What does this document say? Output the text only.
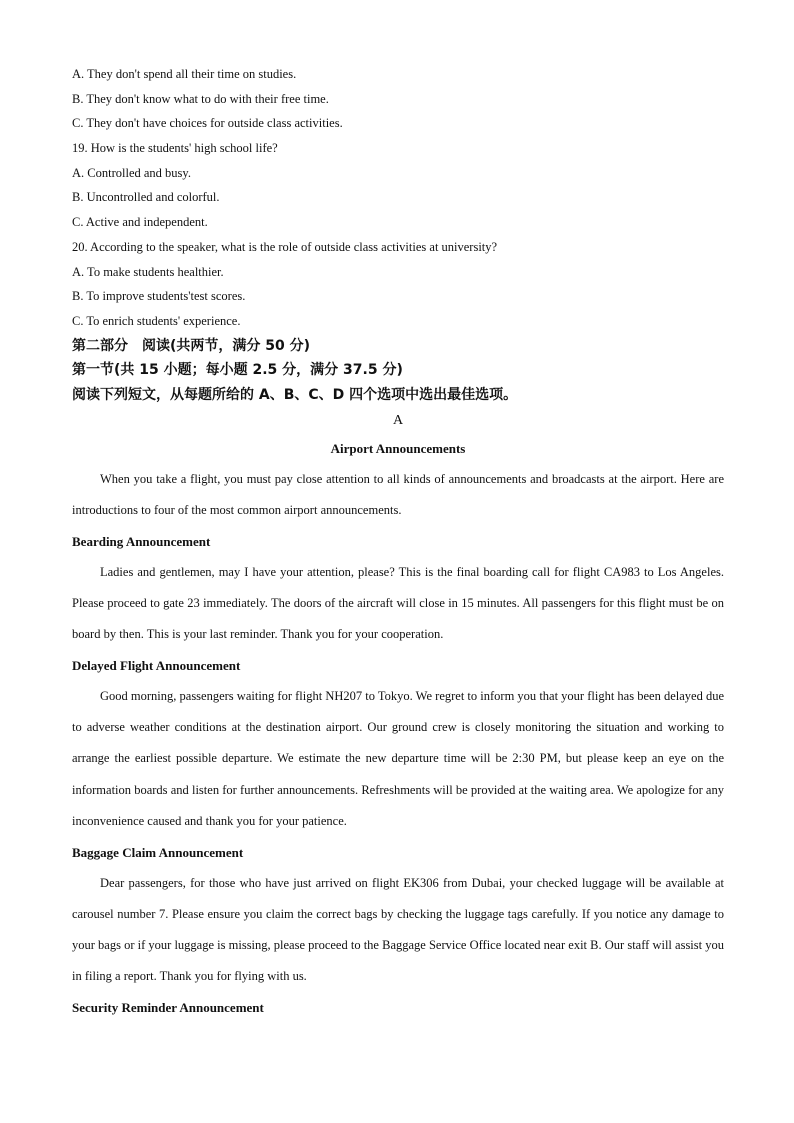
A. They don't spend all their time on studies.
B. They don't know what to do with their free time.
C. They don't have choices for outside class activities.
19. How is the students' high school life?
A. Controlled and busy.
B. Uncontrolled and colorful.
C. Active and independent.
20. According to the speaker, what is the role of outside class activities at university?
A. To make students healthier.
B. To improve students'test scores.
C. To enrich students' experience.
第二部分　阅读(共两节，满分 50 分)
第一节(共 15 小题；每小题 2.5 分，满分 37.5 分)
阅读下列短文，从每题所给的 A、B、C、D 四个选项中选出最佳选项。
A
Airport Announcements

When you take a flight, you must pay close attention to all kinds of announcements and broadcasts at the airport. Here are introductions to four of the most common airport announcements.

Bearding Announcement

Ladies and gentlemen, may I have your attention, please? This is the final boarding call for flight CA983 to Los Angeles. Please proceed to gate 23 immediately. The doors of the aircraft will close in 15 minutes. All passengers for this flight must be on board by then. This is your last reminder. Thank you for your cooperation.

Delayed Flight Announcement

Good morning, passengers waiting for flight NH207 to Tokyo. We regret to inform you that your flight has been delayed due to adverse weather conditions at the destination airport. Our ground crew is closely monitoring the situation and working to arrange the earliest possible departure. We estimate the new departure time will be 2:30 PM, but please keep an eye on the information boards and listen for further announcements. Refreshments will be provided at the waiting area. We apologize for any inconvenience caused and thank you for your patience.

Baggage Claim Announcement

Dear passengers, for those who have just arrived on flight EK306 from Dubai, your checked luggage will be available at carousel number 7. Please ensure you claim the correct bags by checking the luggage tags carefully. If you notice any damage to your bags or if your luggage is missing, please proceed to the Baggage Service Office located near exit B. Our staff will assist you in filing a report. Thank you for flying with us.

Security Reminder Announcement
